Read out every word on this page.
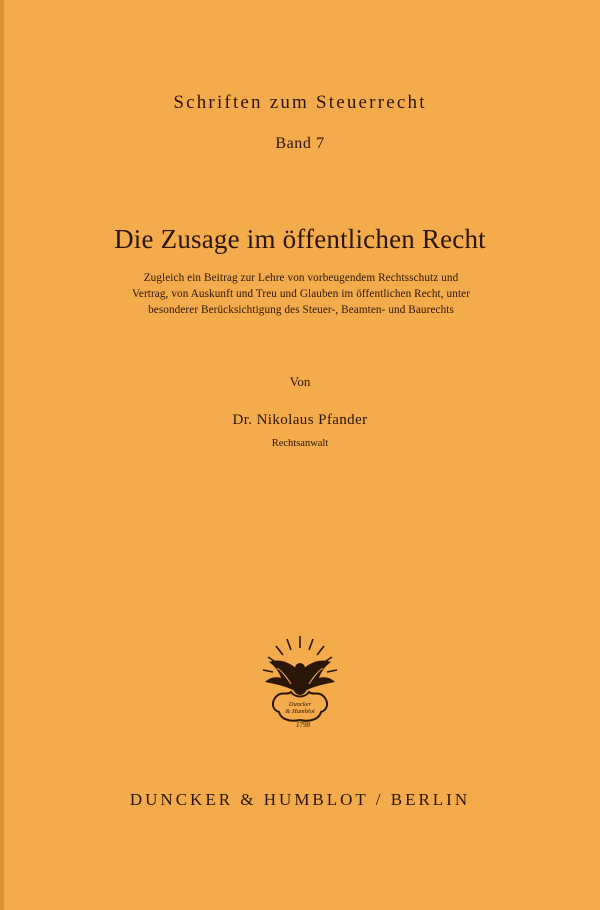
Schriften zum Steuerrecht
Band 7
Die Zusage im öffentlichen Recht
Zugleich ein Beitrag zur Lehre von vorbeugendem Rechtsschutz und
Vertrag, von Auskunft und Treu und Glauben im öffentlichen Recht, unter
besonderer Berücksichtigung des Steuer-, Beamten- und Baurechts
Von
Dr. Nikolaus Pfander
Rechtsanwalt
Duncker
& Humblot
1798
DUNCKER & HUMBLOT / BERLIN
